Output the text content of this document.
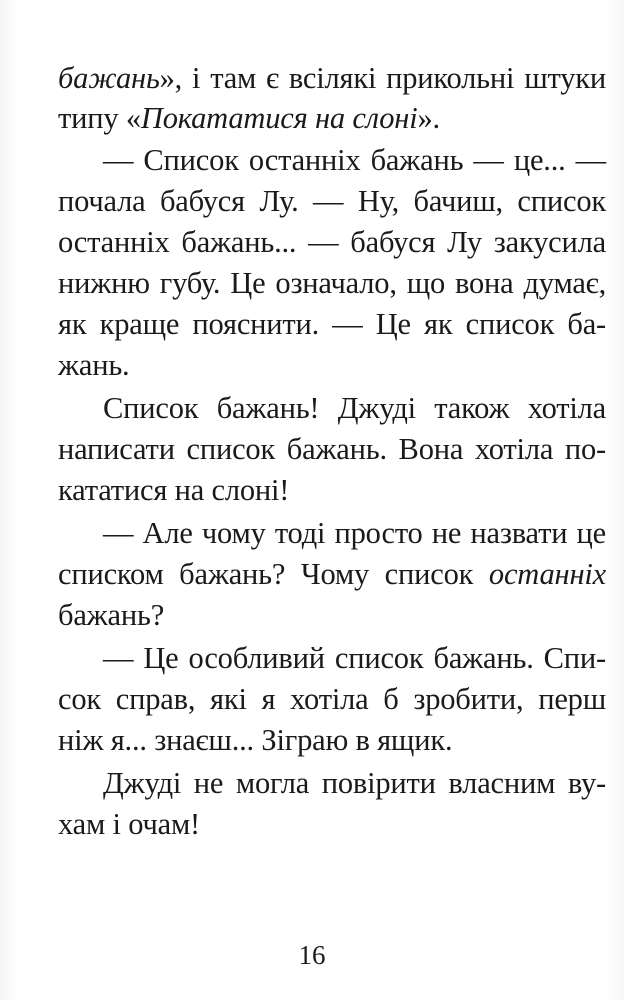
бажань», і там є всілякі прикольні штуки
типу «Покататися на слоні».
— Список останніх бажань — це... —
почала бабуся Лу. — Ну, бачиш, список
останніх бажань... — бабуся Лу закусила
нижню губу. Це означало, що вона думає,
як краще пояснити. — Це як список ба-
жань.
Список бажань! Джуді також хотіла
написати список бажань. Вона хотіла по-
кататися на слоні!
— Але чому тоді просто не назвати це
списком бажань? Чому список останніх
бажань?
— Це особливий список бажань. Спи-
сок справ, які я хотіла б зробити, перш
ніж я... знаєш... Зіграю в ящик.
Джуді не могла повірити власним ву-
хам і очам!
16
